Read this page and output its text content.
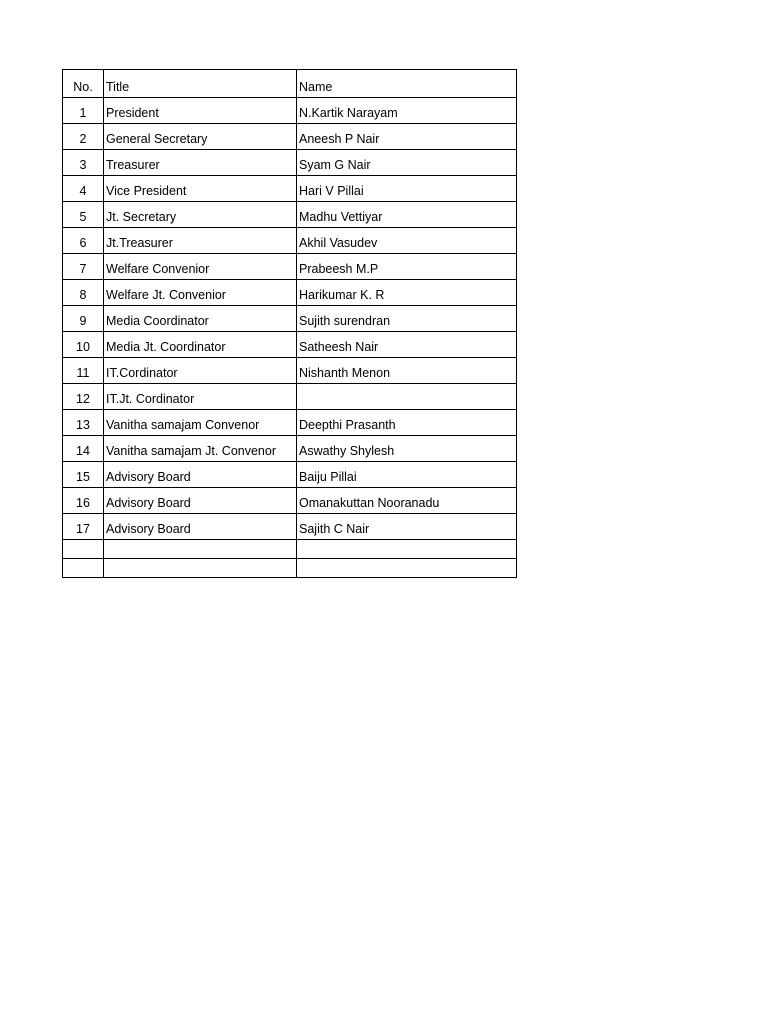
No.	Title	Name
1	President	N.Kartik Narayam
2	General Secretary	Aneesh P Nair
3	Treasurer	Syam G Nair
4	Vice President	Hari V Pillai
5	Jt. Secretary	Madhu Vettiyar
6	Jt.Treasurer	Akhil Vasudev
7	Welfare Convenior	Prabeesh M.P
8	Welfare Jt. Convenior	Harikumar K. R
9	Media Coordinator	Sujith surendran
10	Media Jt. Coordinator	Satheesh Nair
11	IT.Cordinator	Nishanth Menon
12	IT.Jt. Cordinator	
13	Vanitha samajam Convenor	Deepthi Prasanth
14	Vanitha samajam Jt. Convenor	Aswathy Shylesh
15	Advisory Board	Baiju Pillai
16	Advisory Board	Omanakuttan Nooranadu
17	Advisory Board	Sajith C Nair
